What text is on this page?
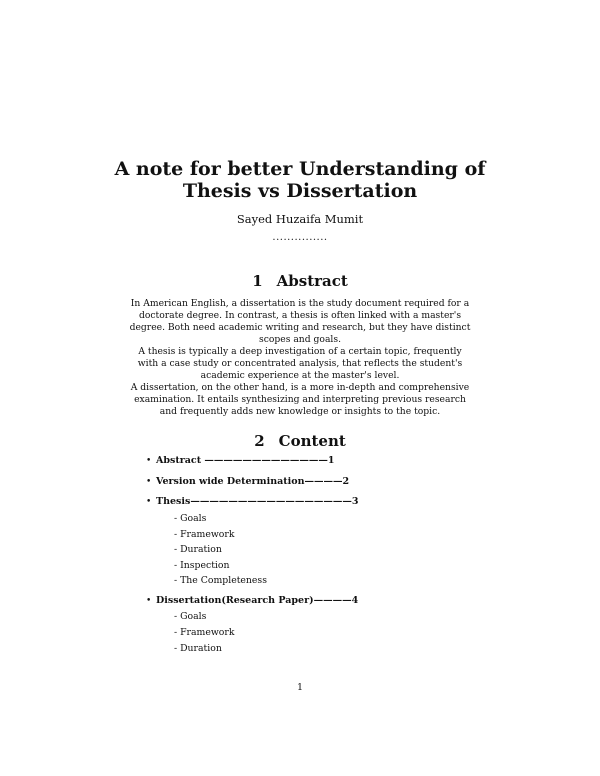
A note for better Understanding of
Thesis vs Dissertation
Sayed Huzaifa Mumit
...............
1 Abstract

In American English, a dissertation is the study document required for a doctorate degree. In contrast, a thesis is often linked with a master's degree. Both need academic writing and research, but they have distinct scopes and goals.

A thesis is typically a deep investigation of a certain topic, frequently with a case study or concentrated analysis, that reflects the student's academic experience at the master's level.

A dissertation, on the other hand, is a more in-depth and comprehensive examination. It entails synthesizing and interpreting previous research and frequently adds new knowledge or insights to the topic.

2 Content
• Abstract —————————————1
• Version wide Determination————2
• Thesis—————————————————3
- Goals
- Framework
- Duration
- Inspection
- The Completeness
• Dissertation(Research Paper)————4
- Goals
- Framework
- Duration
1
